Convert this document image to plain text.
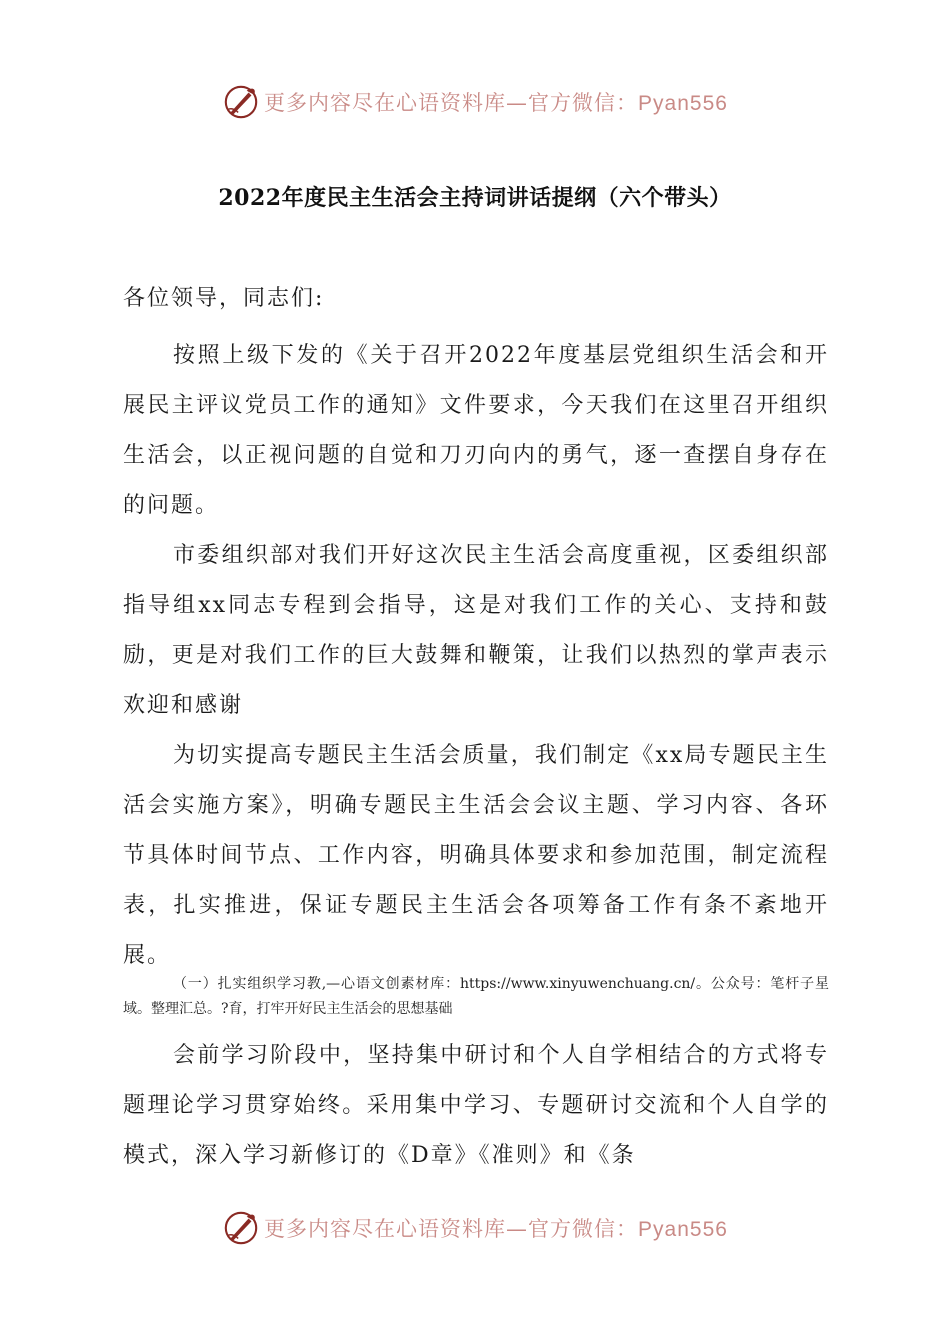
更多内容尽在心语资料库—官方微信：Pyan556
2022年度民主生活会主持词讲话提纲（六个带头）
各位领导，同志们:

按照上级下发的《关于召开2022年度基层党组织生活会和开展民主评议党员工作的通知》文件要求，今天我们在这里召开组织生活会，以正视问题的自觉和刀刃向内的勇气，逐一查摆自身存在的问题。

市委组织部对我们开好这次民主生活会高度重视，区委组织部指导组xx同志专程到会指导，这是对我们工作的关心、支持和鼓励，更是对我们工作的巨大鼓舞和鞭策，让我们以热烈的掌声表示欢迎和感谢

为切实提高专题民主生活会质量，我们制定《xx局专题民主生活会实施方案》，明确专题民主生活会会议主题、学习内容、各环节具体时间节点、工作内容，明确具体要求和参加范围，制定流程表，扎实推进，保证专题民主生活会各项筹备工作有条不紊地开展。

（一）扎实组织学习教,—心语文创素材库：https://www.xinyuwenchuang.cn/。公众号：笔杆子星域。整理汇总。?育，打牢开好民主生活会的思想基础

会前学习阶段中，坚持集中研讨和个人自学相结合的方式将专题理论学习贯穿始终。采用集中学习、专题研讨交流和个人自学的模式，深入学习新修订的《D章》《准则》和《条

更多内容尽在心语资料库—官方微信：Pyan556
